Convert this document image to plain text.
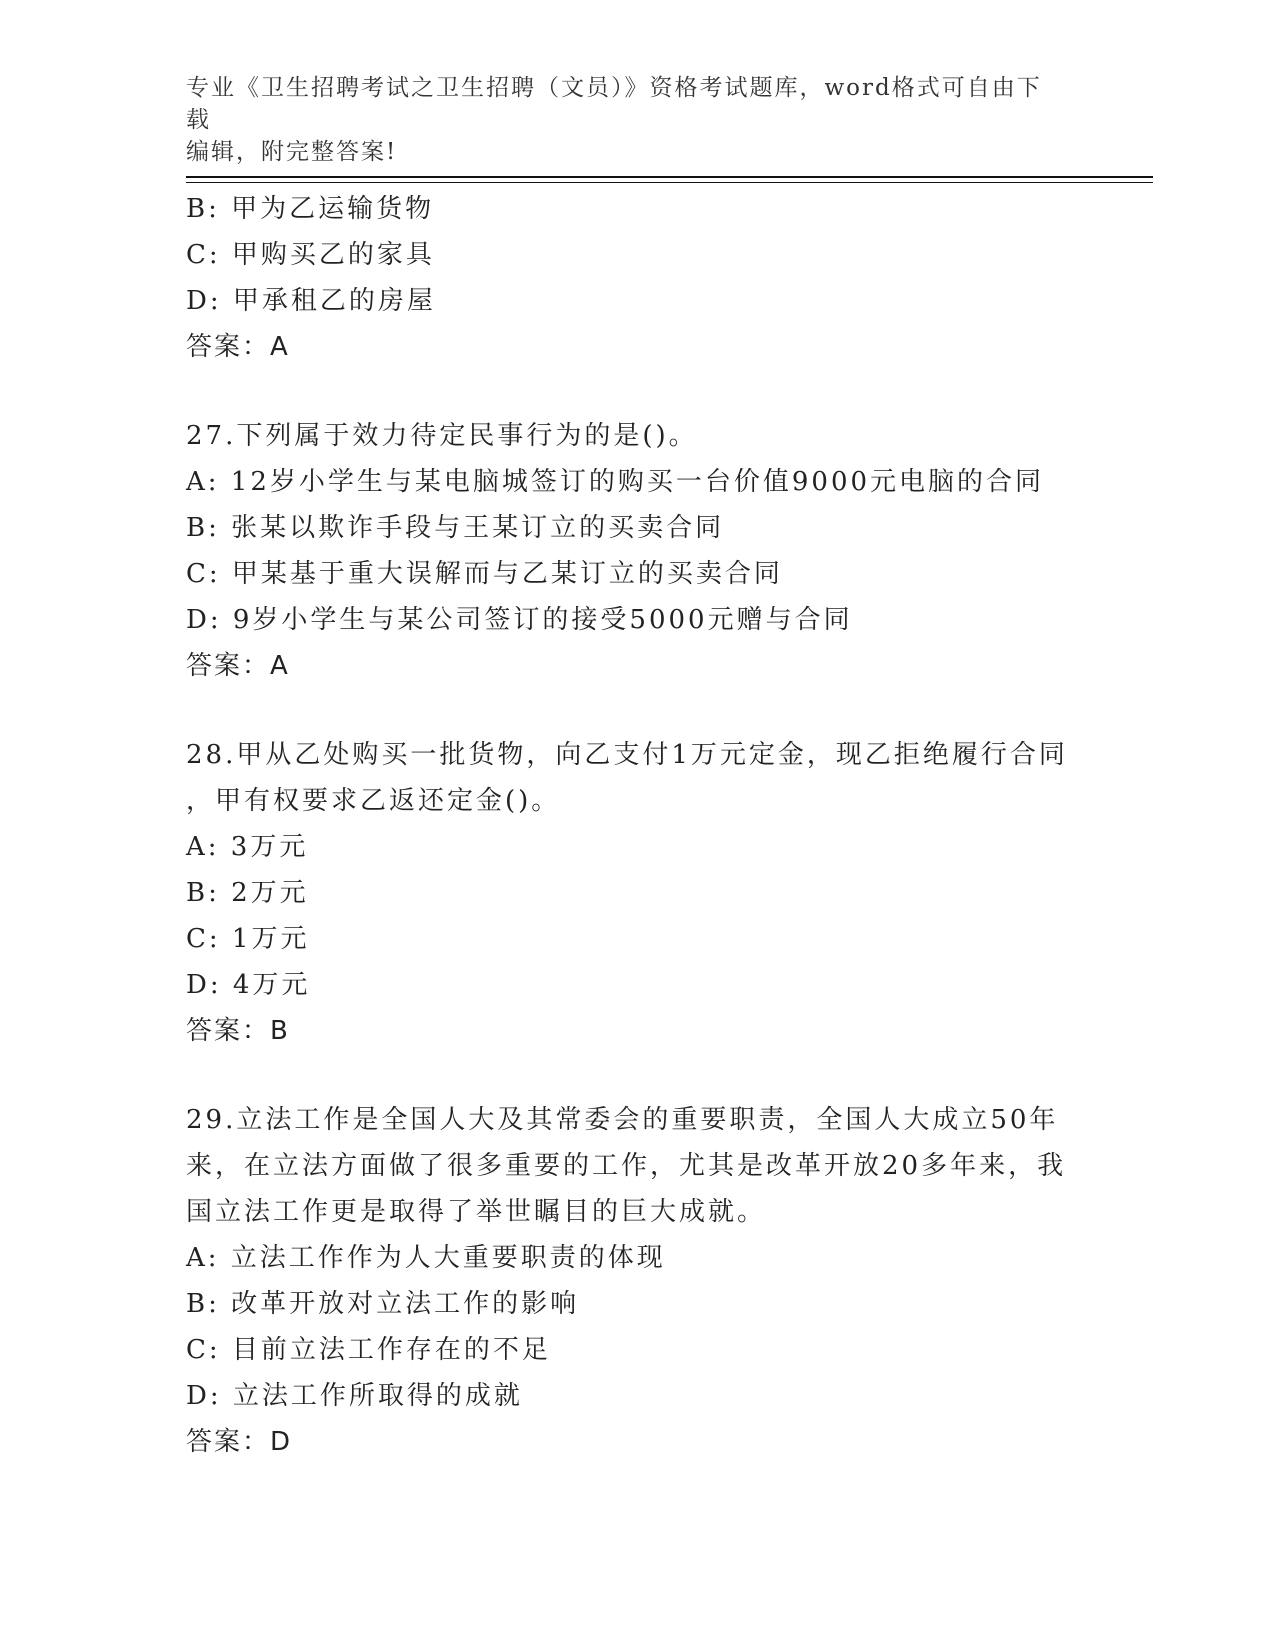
专业《卫生招聘考试之卫生招聘（文员）》资格考试题库，word格式可自由下载
编辑，附完整答案!
B: 甲为乙运输货物
C: 甲购买乙的家具
D: 甲承租乙的房屋
答案：A
27.下列属于效力待定民事行为的是()。
A: 12岁小学生与某电脑城签订的购买一台价值9000元电脑的合同
B: 张某以欺诈手段与王某订立的买卖合同
C: 甲某基于重大误解而与乙某订立的买卖合同
D: 9岁小学生与某公司签订的接受5000元赠与合同
答案：A
28.甲从乙处购买一批货物，向乙支付1万元定金，现乙拒绝履行合同
，甲有权要求乙返还定金()。
A: 3万元
B: 2万元
C: 1万元
D: 4万元
答案：B
29.立法工作是全国人大及其常委会的重要职责，全国人大成立50年
来，在立法方面做了很多重要的工作，尤其是改革开放20多年来，我
国立法工作更是取得了举世瞩目的巨大成就。
A: 立法工作作为人大重要职责的体现
B: 改革开放对立法工作的影响
C: 目前立法工作存在的不足
D: 立法工作所取得的成就
答案：D
